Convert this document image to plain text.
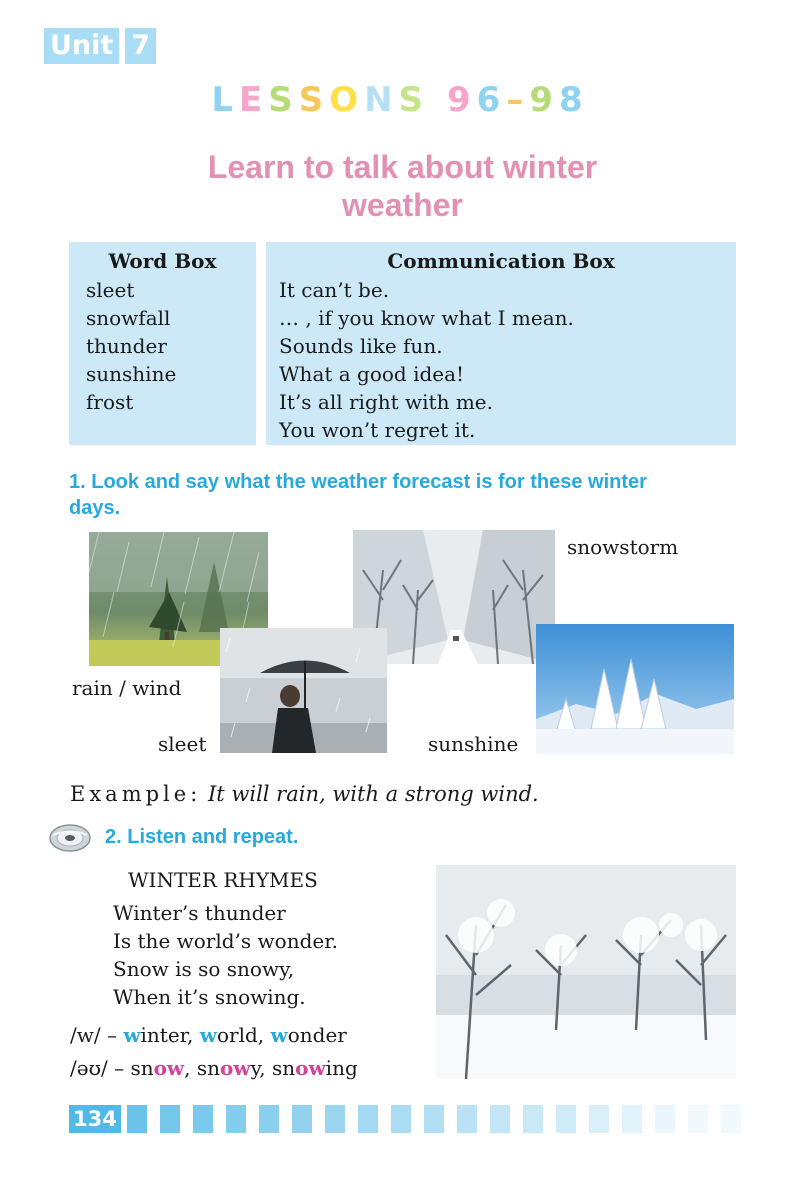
Unit 7
LESSONS 96–98
Learn to talk about winter
weather
Word Box
sleet
snowfall
thunder
sunshine
frost
Communication Box
It can’t be.
… , if you know what I mean.
Sounds like fun.
What a good idea!
It’s all right with me.
You won’t regret it.
1. Look and say what the weather forecast is for these winter
days.
snowstorm
rain / wind
sleet	sunshine
Example: It will rain, with a strong wind.
2. Listen and repeat.
WINTER RHYMES
Winter’s thunder
Is the world’s wonder.
Snow is so snowy,
When it’s snowing.
/w/ – winter, world, wonder
/əʊ/ – snow, snowy, snowing
134
